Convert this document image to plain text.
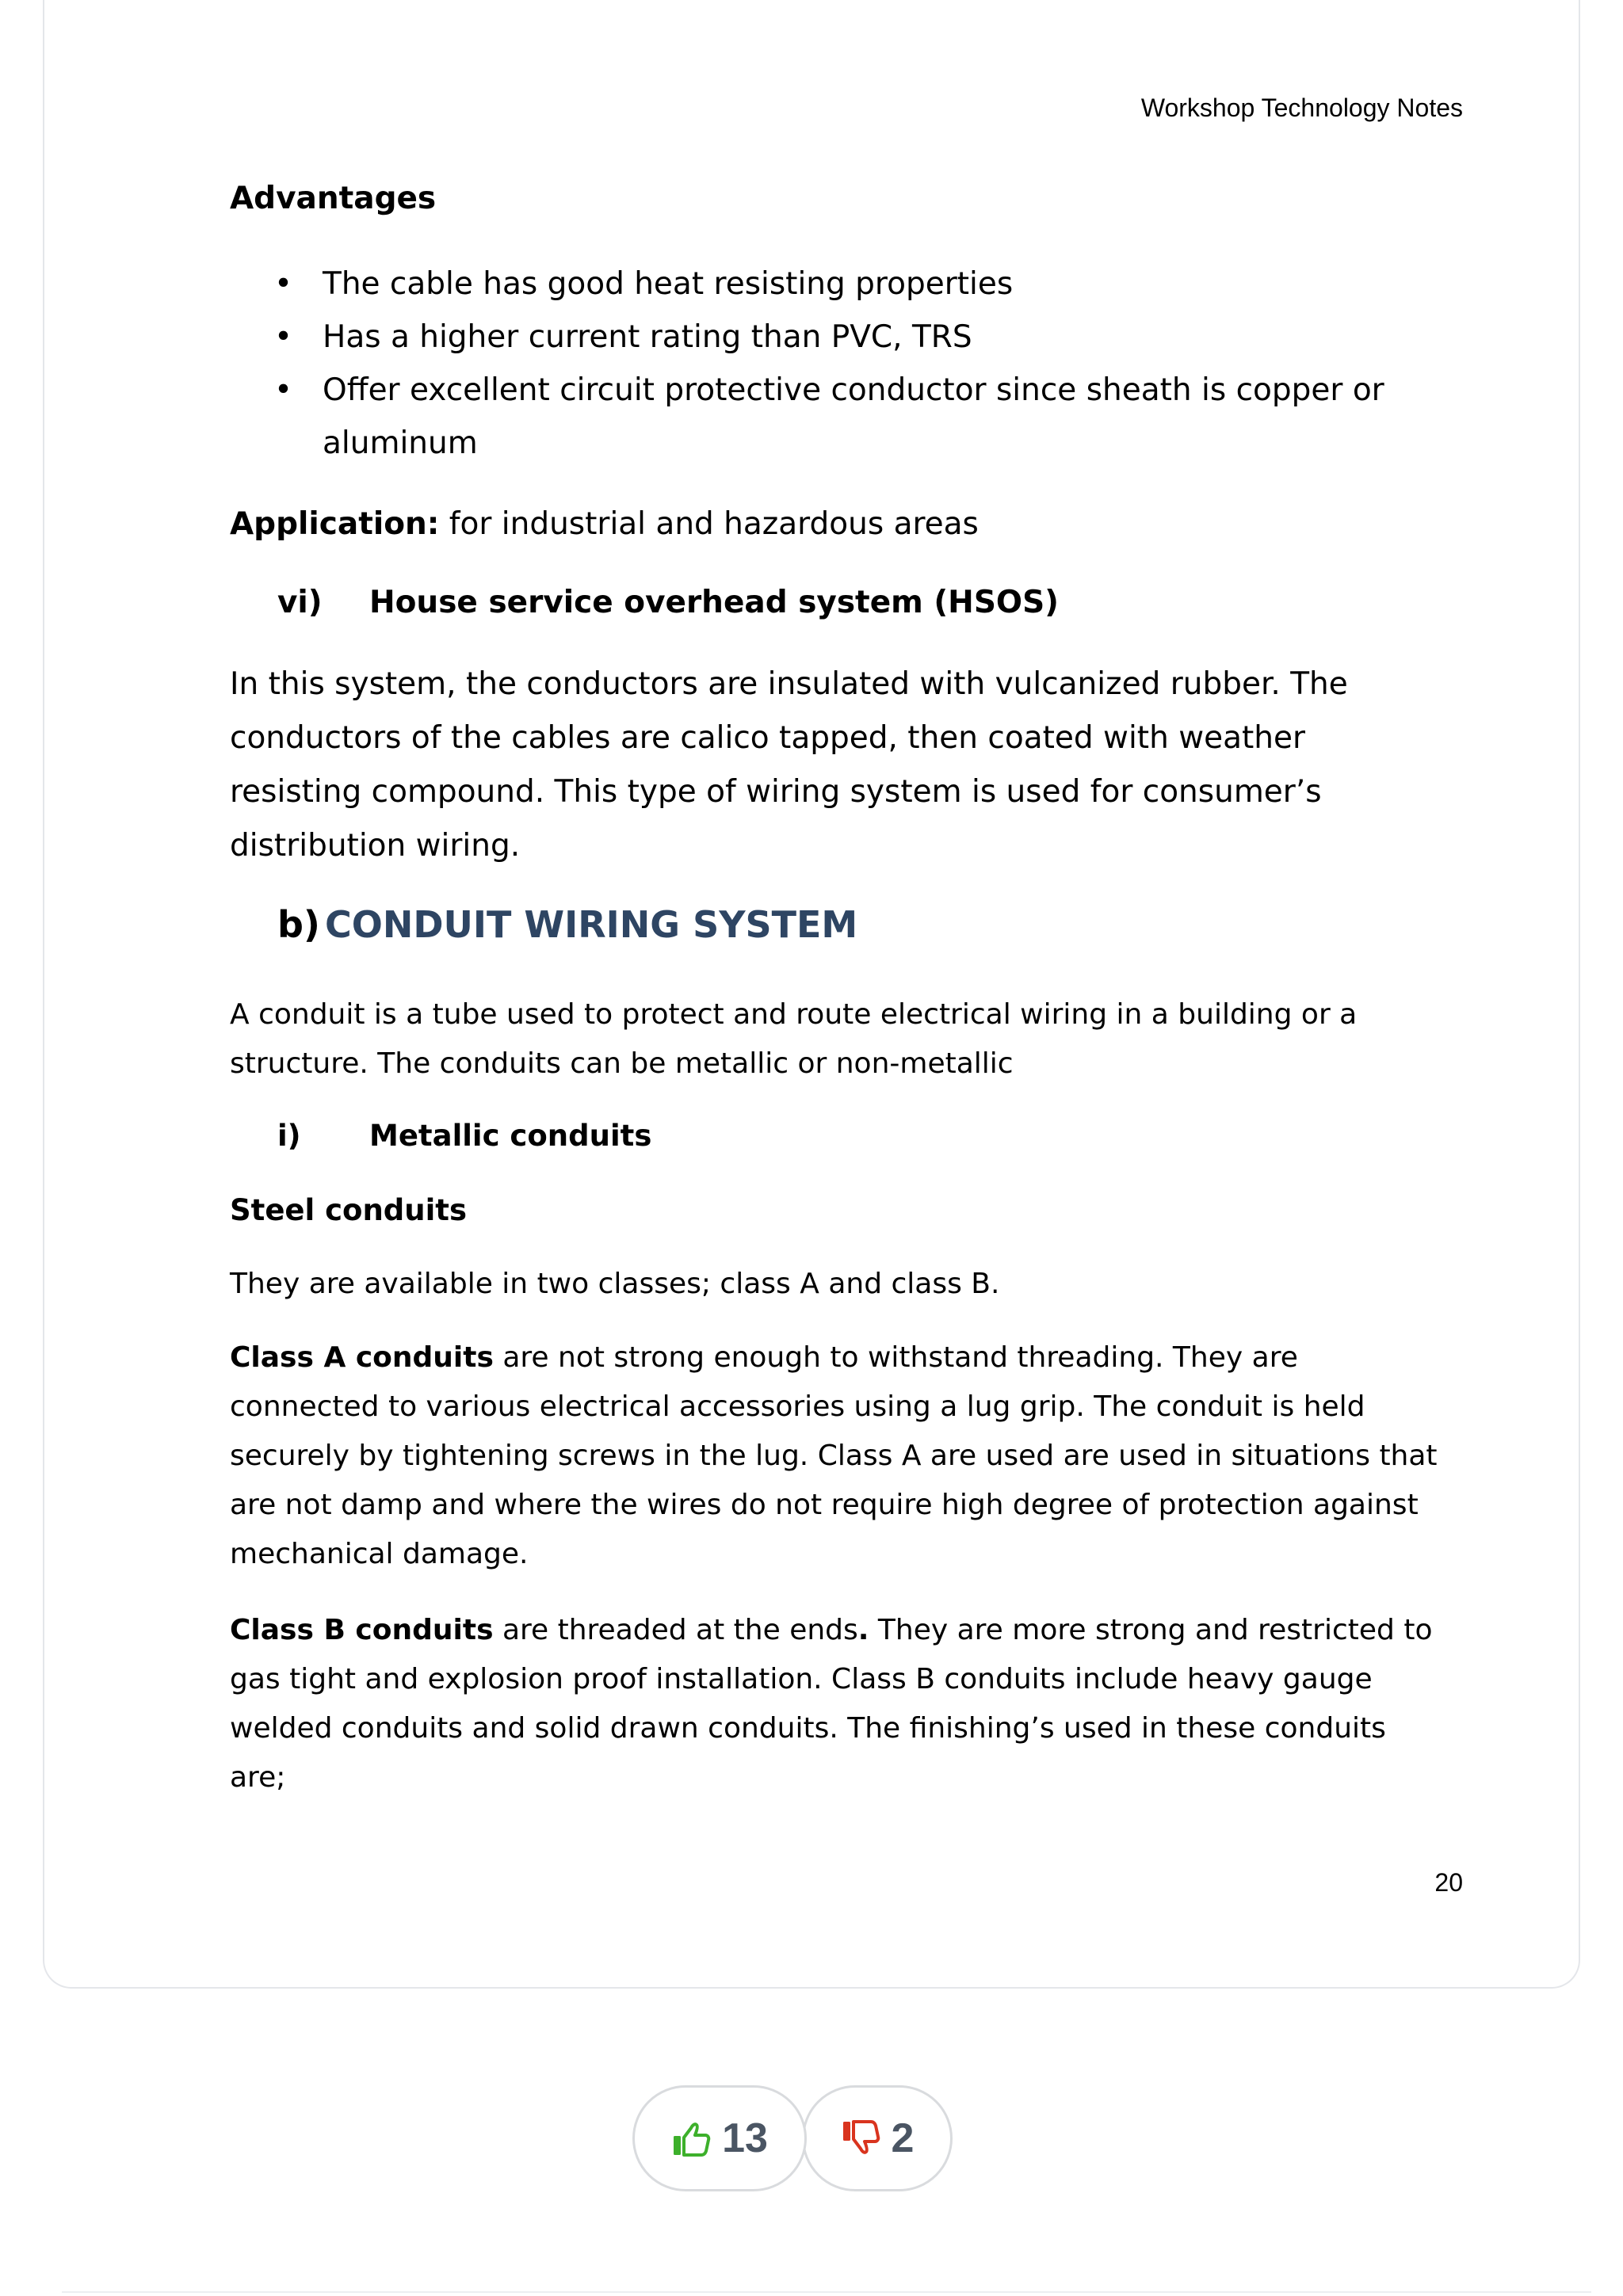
Workshop Technology Notes
Advantages
• The cable has good heat resisting properties
• Has a higher current rating than PVC, TRS
• Offer excellent circuit protective conductor since sheath is copper or
aluminum
Application: for industrial and hazardous areas
vi) House service overhead system (HSOS)
In this system, the conductors are insulated with vulcanized rubber. The
conductors of the cables are calico tapped, then coated with weather
resisting compound. This type of wiring system is used for consumer’s
distribution wiring.
b) CONDUIT WIRING SYSTEM
A conduit is a tube used to protect and route electrical wiring in a building or a
structure. The conduits can be metallic or non-metallic
i) Metallic conduits
Steel conduits
They are available in two classes; class A and class B.
Class A conduits are not strong enough to withstand threading. They are
connected to various electrical accessories using a lug grip. The conduit is held
securely by tightening screws in the lug. Class A are used are used in situations that
are not damp and where the wires do not require high degree of protection against
mechanical damage.
Class B conduits are threaded at the ends. They are more strong and restricted to
gas tight and explosion proof installation. Class B conduits include heavy gauge
welded conduits and solid drawn conduits. The finishing’s used in these conduits
are;
20
13	2
